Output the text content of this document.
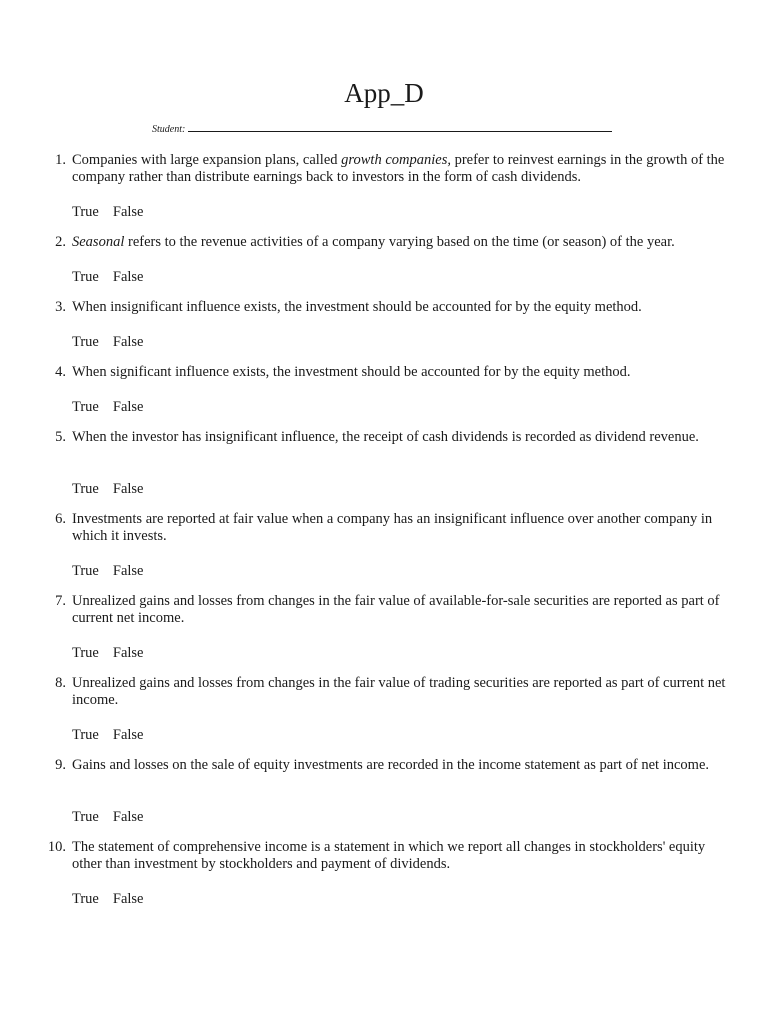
App_D
Student:
1. Companies with large expansion plans, called growth companies, prefer to reinvest earnings in the growth of the company rather than distribute earnings back to investors in the form of cash dividends.
True False
2. Seasonal refers to the revenue activities of a company varying based on the time (or season) of the year.
True False
3. When insignificant influence exists, the investment should be accounted for by the equity method.
True False
4. When significant influence exists, the investment should be accounted for by the equity method.
True False
5. When the investor has insignificant influence, the receipt of cash dividends is recorded as dividend revenue.
True False
6. Investments are reported at fair value when a company has an insignificant influence over another company in which it invests.
True False
7. Unrealized gains and losses from changes in the fair value of available-for-sale securities are reported as part of current net income.
True False
8. Unrealized gains and losses from changes in the fair value of trading securities are reported as part of current net income.
True False
9. Gains and losses on the sale of equity investments are recorded in the income statement as part of net income.
True False
10. The statement of comprehensive income is a statement in which we report all changes in stockholders' equity other than investment by stockholders and payment of dividends.
True False
